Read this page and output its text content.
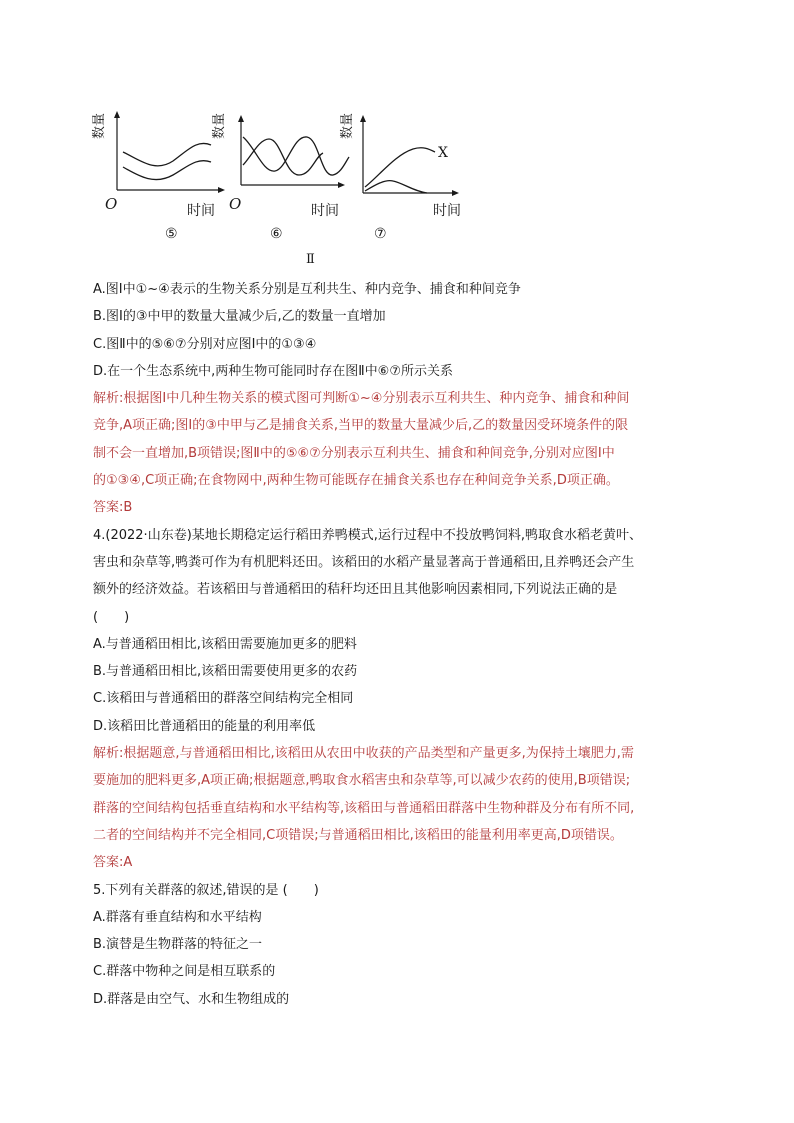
数量
O	时间
数量
O	时间
数量
X
时间
⑤	⑥	⑦
Ⅱ
A.图Ⅰ中①~④表示的生物关系分别是互利共生、种内竞争、捕食和种间竞争
B.图Ⅰ的③中甲的数量大量减少后,乙的数量一直增加
C.图Ⅱ中的⑤⑥⑦分别对应图Ⅰ中的①③④
D.在一个生态系统中,两种生物可能同时存在图Ⅱ中⑥⑦所示关系
解析:根据图Ⅰ中几种生物关系的模式图可判断①~④分别表示互利共生、种内竞争、捕食和种间
竞争,A项正确;图Ⅰ的③中甲与乙是捕食关系,当甲的数量大量减少后,乙的数量因受环境条件的限
制不会一直增加,B项错误;图Ⅱ中的⑤⑥⑦分别表示互利共生、捕食和种间竞争,分别对应图Ⅰ中
的①③④,C项正确;在食物网中,两种生物可能既存在捕食关系也存在种间竞争关系,D项正确。
答案:B
4.(2022·山东卷)某地长期稳定运行稻田养鸭模式,运行过程中不投放鸭饲料,鸭取食水稻老黄叶、
害虫和杂草等,鸭粪可作为有机肥料还田。该稻田的水稻产量显著高于普通稻田,且养鸭还会产生
额外的经济效益。若该稻田与普通稻田的秸秆均还田且其他影响因素相同,下列说法正确的是
(　　)
A.与普通稻田相比,该稻田需要施加更多的肥料
B.与普通稻田相比,该稻田需要使用更多的农药
C.该稻田与普通稻田的群落空间结构完全相同
D.该稻田比普通稻田的能量的利用率低
解析:根据题意,与普通稻田相比,该稻田从农田中收获的产品类型和产量更多,为保持土壤肥力,需
要施加的肥料更多,A项正确;根据题意,鸭取食水稻害虫和杂草等,可以减少农药的使用,B项错误;
群落的空间结构包括垂直结构和水平结构等,该稻田与普通稻田群落中生物种群及分布有所不同,
二者的空间结构并不完全相同,C项错误;与普通稻田相比,该稻田的能量利用率更高,D项错误。
答案:A
5.下列有关群落的叙述,错误的是 (　　)
A.群落有垂直结构和水平结构
B.演替是生物群落的特征之一
C.群落中物种之间是相互联系的
D.群落是由空气、水和生物组成的
